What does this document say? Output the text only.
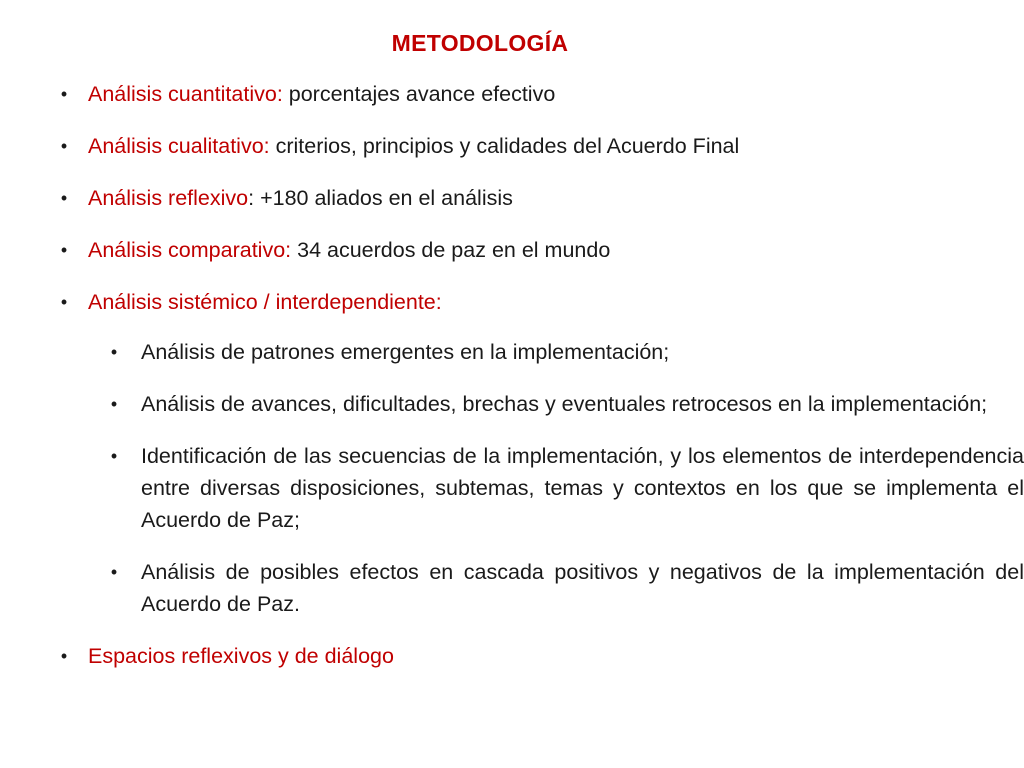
METODOLOGÍA
• Análisis cuantitativo: porcentajes avance efectivo
• Análisis cualitativo: criterios, principios y calidades del Acuerdo Final
• Análisis reflexivo: +180 aliados en el análisis
• Análisis comparativo: 34 acuerdos de paz en el mundo
• Análisis sistémico / interdependiente:
• Análisis de patrones emergentes en la implementación;
• Análisis de avances, dificultades, brechas y eventuales retrocesos en la implementación;
• Identificación de las secuencias de la implementación, y los elementos de interdependencia entre diversas disposiciones, subtemas, temas y contextos en los que se implementa el Acuerdo de Paz;
• Análisis de posibles efectos en cascada positivos y negativos de la implementación del Acuerdo de Paz.
• Espacios reflexivos y de diálogo
